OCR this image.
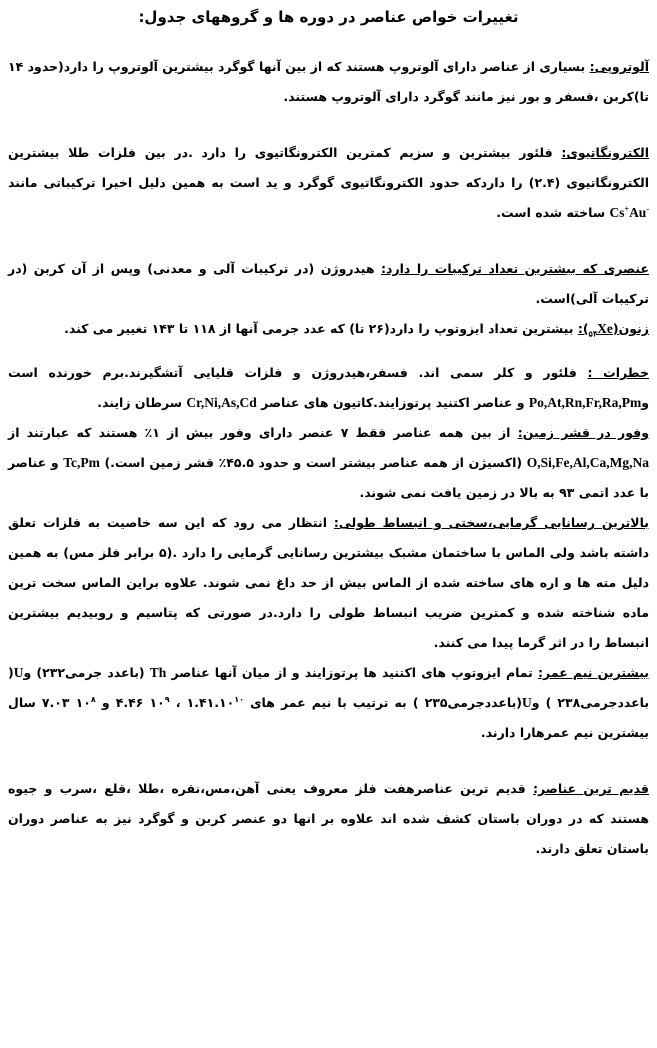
تغییرات خواص عناصر در دوره ها و گروههای جدول:

آلوتروپی: بسیاری از عناصر دارای آلوتروپ هستند که از بین آنها گوگرد بیشترین آلوتروپ را دارد(حدود ۱۴ تا)کربن ،فسفر و بور نیز مانند گوگرد دارای آلوتروپ هستند.

الکترونگاتیوی: فلئور بیشترین و سزیم کمترین الکترونگاتیوی را دارد .در بین فلزات طلا بیشترین الکترونگاتیوی (۲.۴) را داردکه حدود الکترونگاتیوی گوگرد و ید است به همین دلیل اخیرا ترکیباتی مانند Cs+Au- ساخته شده است.

عنصری که بیشترین تعداد ترکیبات را دارد: هیدروژن (در ترکیبات آلی و معدنی) وپس از آن کربن (در ترکیبات آلی)است.

$زنون(_{۵۴}Xe)$: بیشترین تعداد ایزوتوپ را دارد(۲۶ تا) که عدد جرمی آنها از ۱۱۸ تا ۱۴۳ تغییر می کند.

خطرات : فلئور و کلر سمی اند. فسفر،هیدروژن و فلزات قلیایی آتشگیرند.برم خورنده است وPo,At,Rn,Fr,Ra,Pm و عناصر اکتنید پرتوزایند.کاتیون های عناصر Cr,Ni,As,Cd سرطان زایند.

وفور در قشر زمین: از بین همه عناصر فقط ۷ عنصر دارای وفور بیش از ۱٪ هستند که عبارتند از O,Si,Fe,Al,Ca,Mg,Na (اکسیژن از همه عناصر بیشتر است و حدود ۴۵.۵٪ قشر زمین است.) Tc,Pm و عناصر با عدد اتمی ۹۳ به بالا در زمین یافت نمی شوند.

بالاترین رسانایی گرمایی،سختی و انبساط طولی: انتظار می رود که این سه خاصیت به فلزات تعلق داشته باشد ولی الماس با ساختمان مشبک بیشترین رسانایی گرمایی را دارد .(۵ برابر فلز مس) به همین دلیل مته ها و اره های ساخته شده از الماس بیش از حد داغ نمی شوند. علاوه براین الماس سخت ترین ماده شناخته شده و کمترین ضریب انبساط طولی را دارد.در صورتی که پتاسیم و روبیدیم بیشترین انبساط را در اثر گرما پیدا می کنند.

بیشترین نیم عمر: تمام ایزوتوپ های اکتنید ها پرتوزایند و از میان آنها عناصر Th (باعدد جرمی۲۳۲) وU( باعددجرمی۲۳۸ ) وU(باعددجرمی۲۳۵ ) به ترتیب با نیم عمر های ۱.۴۱.۱۰$^{۱۰}$ ، $۱۰^۹$ ۴.۴۶ و $۱۰^۸$ ۷.۰۳ سال بیشترین نیم عمرهارا دارند.

قدیم ترین عناصر: قدیم ترین عناصرهفت فلز معروف یعنی آهن،مس،نقره ،طلا ،قلع ،سرب و جیوه هستند که در دوران باستان کشف شده اند علاوه بر انها دو عنصر کربن و گوگرد نیز به عناصر دوران باستان تعلق دارند.
